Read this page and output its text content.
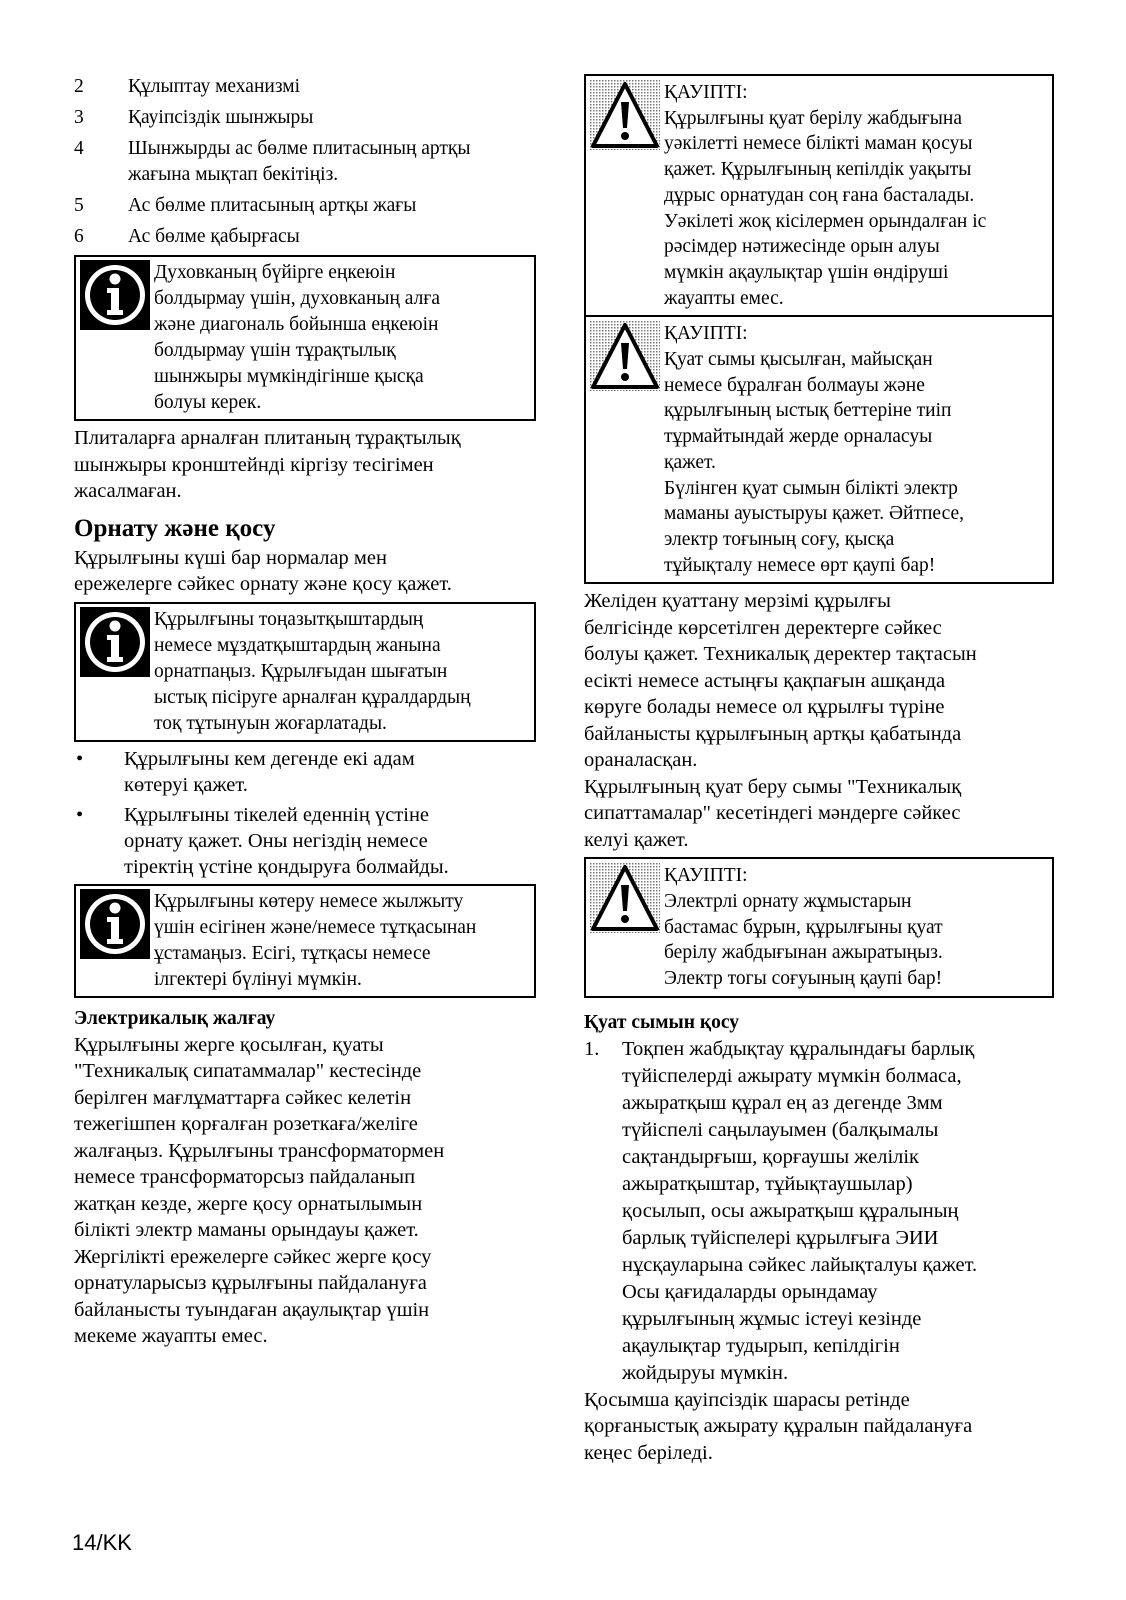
2	Құлыптау механизмі
3	Қауіпсіздік шынжыры
4	Шынжырды ас бөлме плитасының артқы
жағына мықтап бекітіңіз.
5	Ас бөлме плитасының артқы жағы
6	Ас бөлме қабырғасы
Духовканың бүйірге еңкеюін
болдырмау үшін, духовканың алға
және диагональ бойынша еңкеюін
болдырмау үшін тұрақтылық
шынжыры мүмкіндігінше қысқа
болуы керек.
Плиталарға арналған плитаның тұрақтылық
шынжыры кронштейнді кіргізу тесігімен
жасалмаған.
Орнату және қосу
Құрылғыны күші бар нормалар мен
ережелерге сәйкес орнату және қосу қажет.
Құрылғыны тоңазытқыштардың
немесе мұздатқыштардың жанына
орнатпаңыз. Құрылғыдан шығатын
ыстық пісіруге арналған құралдардың
тоқ тұтынуын жоғарлатады.
•	Құрылғыны кем дегенде екі адам
көтеруі қажет.
•	Құрылғыны тікелей еденнің үстіне
орнату қажет. Оны негіздің немесе
тіректің үстіне қондыруға болмайды.
Құрылғыны көтеру немесе жылжыту
үшін есігінен және/немесе тұтқасынан
ұстамаңыз. Есігі, тұтқасы немесе
ілгектері бүлінуі мүмкін.
Электрикалық жалғау
Құрылғыны жерге қосылған, қуаты
"Техникалық сипатаммалар" кестесінде
берілген мағлұматтарға сәйкес келетін
тежегішпен қорғалған розеткаға/желіге
жалғаңыз. Құрылғыны трансформатормен
немесе трансформаторсыз пайдаланып
жатқан кезде, жерге қосу орнатылымын
білікті электр маманы орындауы қажет.
Жергілікті ережелерге сәйкес жерге қосу
орнатуларысыз құрылғыны пайдалануға
байланысты туындаған ақаулықтар үшін
мекеме жауапты емес.
ҚАУІПТІ:
Құрылғыны қуат берілу жабдығына
уәкілетті немесе білікті маман қосуы
қажет. Құрылғының кепілдік уақыты
дұрыс орнатудан соң ғана басталады.
Уәкілеті жоқ кісілермен орындалған іс
рәсімдер нәтижесінде орын алуы
мүмкін ақаулықтар үшін өндіруші
жауапты емес.
ҚАУІПТІ:
Қуат сымы қысылған, майысқан
немесе бұралған болмауы және
құрылғының ыстық беттеріне тиіп
тұрмайтындай жерде орналасуы
қажет.
Бүлінген қуат сымын білікті электр
маманы ауыстыруы қажет. Әйтпесе,
электр тоғының соғу, қысқа
тұйықталу немесе өрт қаупі бар!
Желіден қуаттану мерзімі құрылғы
белгісінде көрсетілген деректерге сәйкес
болуы қажет. Техникалық деректер тақтасын
есікті немесе астыңғы қақпағын ашқанда
көруге болады немесе ол құрылғы түріне
байланысты құрылғының артқы қабатында
ораналасқан.
Құрылғының қуат беру сымы "Техникалық
сипаттамалар" кесетіндегі мәндерге сәйкес
келуі қажет.
ҚАУІПТІ:
Электрлі орнату жұмыстарын
бастамас бұрын, құрылғыны қуат
берілу жабдығынан ажыратыңыз.
Электр тогы соғуының қаупі бар!
Қуат сымын қосу
1.	Тоқпен жабдықтау құралындағы барлық
түйіспелерді ажырату мүмкін болмаса,
ажыратқыш құрал ең аз дегенде 3мм
түйіспелі саңылауымен (балқымалы
сақтандырғыш, қорғаушы желілік
ажыратқыштар, тұйықтаушылар)
қосылып, осы ажыратқыш құралының
барлық түйіспелері құрылғыға ЭИИ
нұсқауларына сәйкес лайықталуы қажет.
Осы қағидаларды орындамау
құрылғының жұмыс істеуі кезінде
ақаулықтар тудырып, кепілдігін
жойдыруы мүмкін.
Қосымша қауіпсіздік шарасы ретінде
қорғаныстық ажырату құралын пайдалануға
кеңес беріледі.
14/KK
